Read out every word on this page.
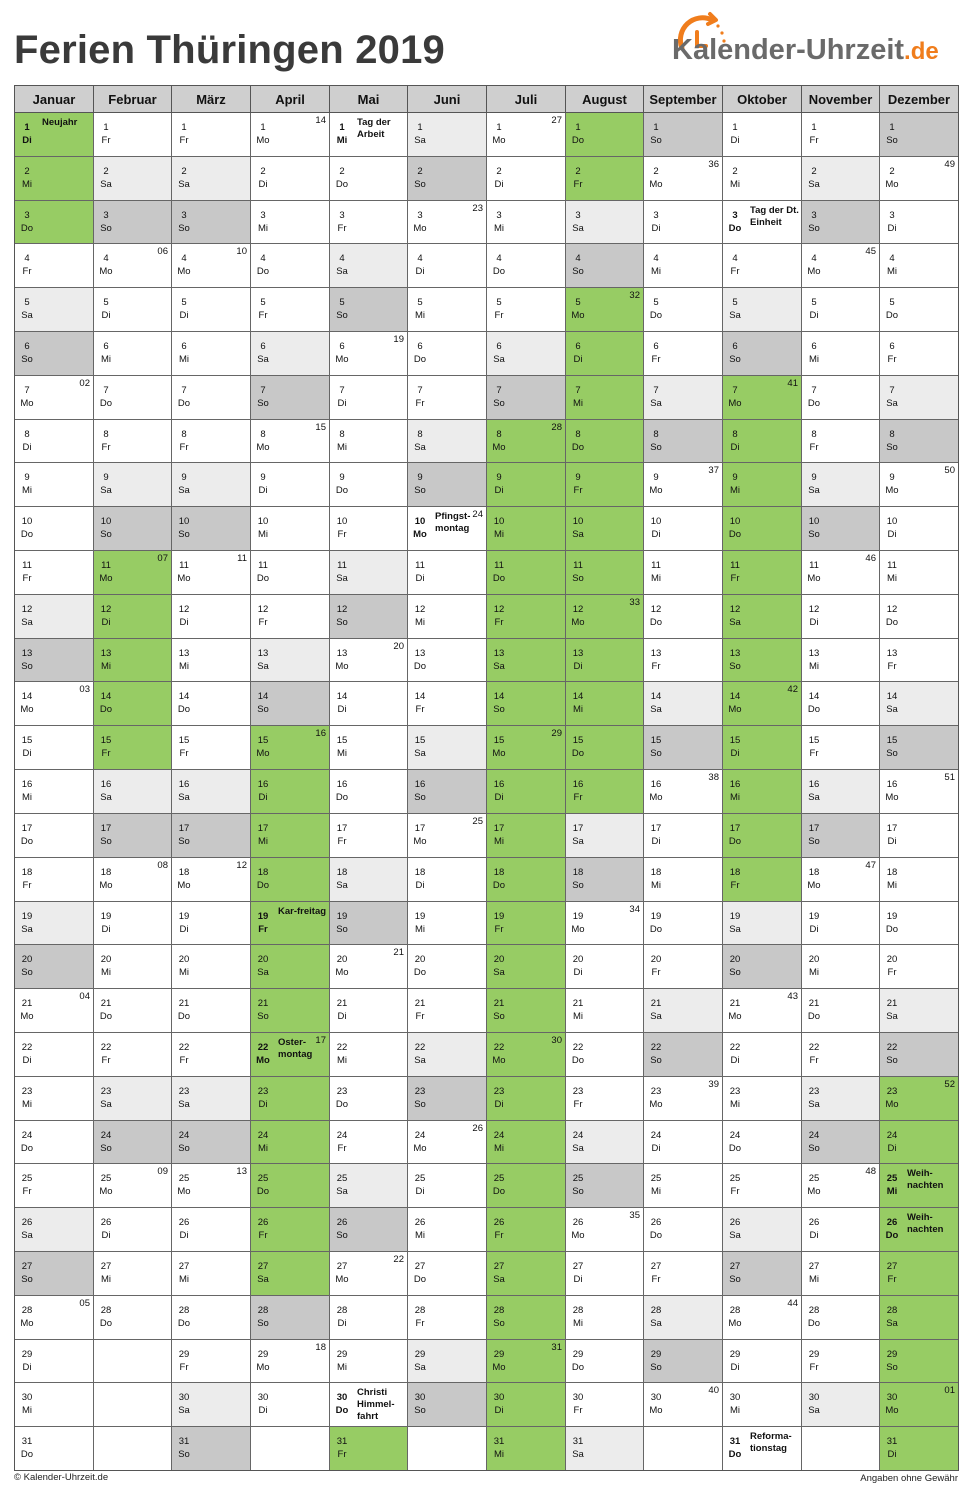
Ferien Thüringen 2019	Kalender-Uhrzeit.de
Januar
1
Di
Neujahr
2
Mi
3
Do
4
Fr
5
Sa
6
So
7
Mo
02
8
Di
9
Mi
10
Do
11
Fr
12
Sa
13
So
14
Mo
03
15
Di
16
Mi
17
Do
18
Fr
19
Sa
20
So
21
Mo
04
22
Di
23
Mi
24
Do
25
Fr
26
Sa
27
So
28
Mo
05
29
Di
30
Mi
31
Do
Februar
1
Fr
2
Sa
3
So
4
Mo
06
5
Di
6
Mi
7
Do
8
Fr
9
Sa
10
So
11
Mo
07
12
Di
13
Mi
14
Do
15
Fr
16
Sa
17
So
18
Mo
08
19
Di
20
Mi
21
Do
22
Fr
23
Sa
24
So
25
Mo
09
26
Di
27
Mi
28
Do
März
1
Fr
2
Sa
3
So
4
Mo
10
5
Di
6
Mi
7
Do
8
Fr
9
Sa
10
So
11
Mo
11
12
Di
13
Mi
14
Do
15
Fr
16
Sa
17
So
18
Mo
12
19
Di
20
Mi
21
Do
22
Fr
23
Sa
24
So
25
Mo
13
26
Di
27
Mi
28
Do
29
Fr
30
Sa
31
So
April
1
Mo
14
2
Di
3
Mi
4
Do
5
Fr
6
Sa
7
So
8
Mo
15
9
Di
10
Mi
11
Do
12
Fr
13
Sa
14
So
15
Mo
16
16
Di
17
Mi
18
Do
19
Fr
Kar-freitag
20
Sa
21
So
22
Mo
17
Oster-montag
23
Di
24
Mi
25
Do
26
Fr
27
Sa
28
So
29
Mo
18
30
Di
Mai
1
Mi
Tag der Arbeit
2
Do
3
Fr
4
Sa
5
So
6
Mo
19
7
Di
8
Mi
9
Do
10
Fr
11
Sa
12
So
13
Mo
20
14
Di
15
Mi
16
Do
17
Fr
18
Sa
19
So
20
Mo
21
21
Di
22
Mi
23
Do
24
Fr
25
Sa
26
So
27
Mo
22
28
Di
29
Mi
30
Do
Christi Himmel-fahrt
31
Fr
Juni
1
Sa
2
So
3
Mo
23
4
Di
5
Mi
6
Do
7
Fr
8
Sa
9
So
10
Mo
24
Pfingst-montag
11
Di
12
Mi
13
Do
14
Fr
15
Sa
16
So
17
Mo
25
18
Di
19
Mi
20
Do
21
Fr
22
Sa
23
So
24
Mo
26
25
Di
26
Mi
27
Do
28
Fr
29
Sa
30
So
Juli
1
Mo
27
2
Di
3
Mi
4
Do
5
Fr
6
Sa
7
So
8
Mo
28
9
Di
10
Mi
11
Do
12
Fr
13
Sa
14
So
15
Mo
29
16
Di
17
Mi
18
Do
19
Fr
20
Sa
21
So
22
Mo
30
23
Di
24
Mi
25
Do
26
Fr
27
Sa
28
So
29
Mo
31
30
Di
31
Mi
August
1
Do
2
Fr
3
Sa
4
So
5
Mo
32
6
Di
7
Mi
8
Do
9
Fr
10
Sa
11
So
12
Mo
33
13
Di
14
Mi
15
Do
16
Fr
17
Sa
18
So
19
Mo
34
20
Di
21
Mi
22
Do
23
Fr
24
Sa
25
So
26
Mo
35
27
Di
28
Mi
29
Do
30
Fr
31
Sa
September
1
So
2
Mo
36
3
Di
4
Mi
5
Do
6
Fr
7
Sa
8
So
9
Mo
37
10
Di
11
Mi
12
Do
13
Fr
14
Sa
15
So
16
Mo
38
17
Di
18
Mi
19
Do
20
Fr
21
Sa
22
So
23
Mo
39
24
Di
25
Mi
26
Do
27
Fr
28
Sa
29
So
30
Mo
40
Oktober
1
Di
2
Mi
3
Do
Tag der Dt. Einheit
4
Fr
5
Sa
6
So
7
Mo
41
8
Di
9
Mi
10
Do
11
Fr
12
Sa
13
So
14
Mo
42
15
Di
16
Mi
17
Do
18
Fr
19
Sa
20
So
21
Mo
43
22
Di
23
Mi
24
Do
25
Fr
26
Sa
27
So
28
Mo
44
29
Di
30
Mi
31
Do
Reforma-tionstag
November
1
Fr
2
Sa
3
So
4
Mo
45
5
Di
6
Mi
7
Do
8
Fr
9
Sa
10
So
11
Mo
46
12
Di
13
Mi
14
Do
15
Fr
16
Sa
17
So
18
Mo
47
19
Di
20
Mi
21
Do
22
Fr
23
Sa
24
So
25
Mo
48
26
Di
27
Mi
28
Do
29
Fr
30
Sa
Dezember
1
So
2
Mo
49
3
Di
4
Mi
5
Do
6
Fr
7
Sa
8
So
9
Mo
50
10
Di
11
Mi
12
Do
13
Fr
14
Sa
15
So
16
Mo
51
17
Di
18
Mi
19
Do
20
Fr
21
Sa
22
So
23
Mo
52
24
Di
25
Mi
Weih-nachten
26
Do
Weih-nachten
27
Fr
28
Sa
29
So
30
Mo
01
31
Di
© Kalender-Uhrzeit.de	Angaben ohne Gewähr
